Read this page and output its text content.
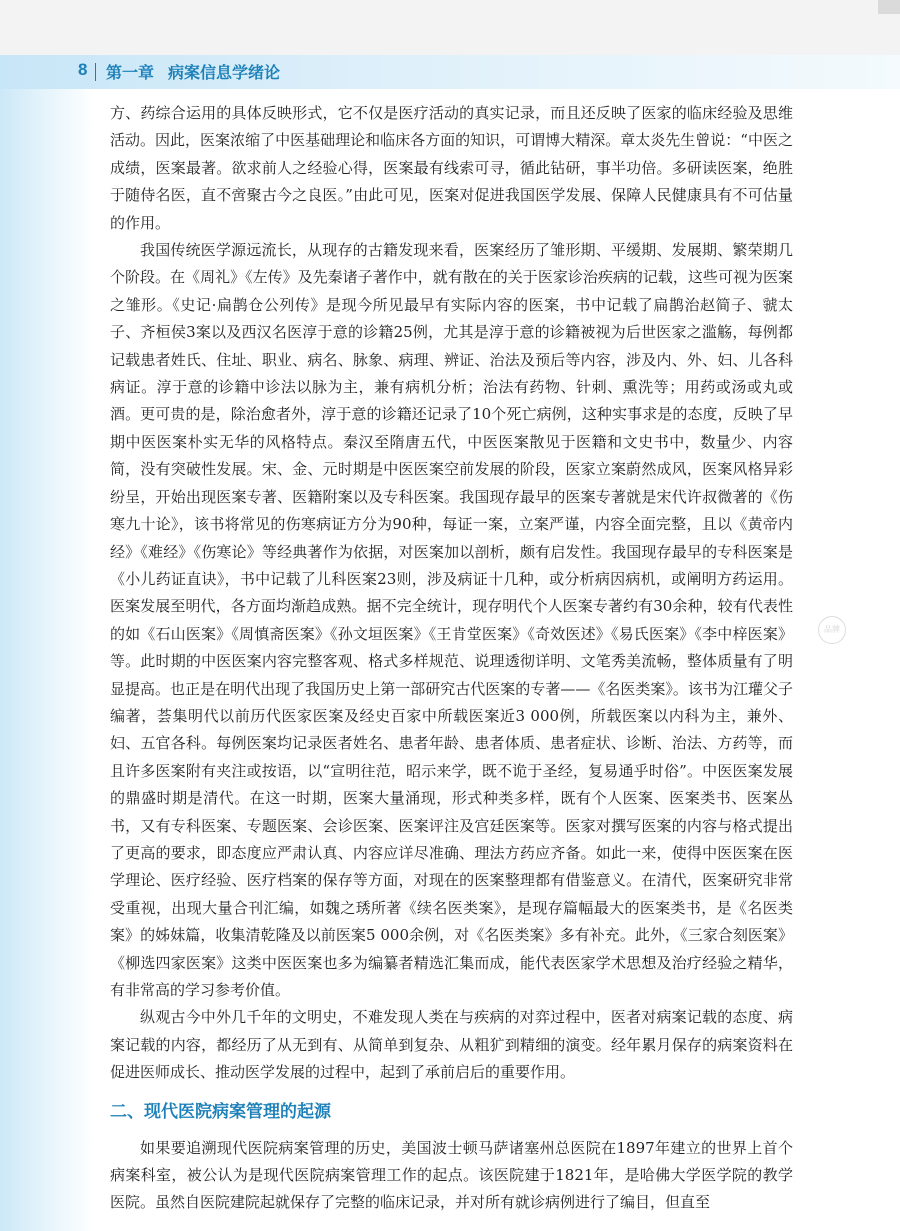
8 第一章 病案信息学绪论

方、药综合运用的具体反映形式，它不仅是医疗活动的真实记录，而且还反映了医家的临床经验及思维活动。因此，医案浓缩了中医基础理论和临床各方面的知识，可谓博大精深。章太炎先生曾说：“中医之成绩，医案最著。欲求前人之经验心得，医案最有线索可寻，循此钻研，事半功倍。多研读医案，绝胜于随侍名医，直不啻聚古今之良医。”由此可见，医案对促进我国医学发展、保障人民健康具有不可估量的作用。

我国传统医学源远流长，从现存的古籍发现来看，医案经历了雏形期、平缓期、发展期、繁荣期几个阶段。在《周礼》《左传》及先秦诸子著作中，就有散在的关于医家诊治疾病的记载，这些可视为医案之雏形。《史记·扁鹊仓公列传》是现今所见最早有实际内容的医案，书中记载了扁鹊治赵简子、虢太子、齐桓侯3案以及西汉名医淳于意的诊籍25例，尤其是淳于意的诊籍被视为后世医家之滥觞，每例都记载患者姓氏、住址、职业、病名、脉象、病理、辨证、治法及预后等内容，涉及内、外、妇、儿各科病证。淳于意的诊籍中诊法以脉为主，兼有病机分析；治法有药物、针刺、熏洗等；用药或汤或丸或酒。更可贵的是，除治愈者外，淳于意的诊籍还记录了10个死亡病例，这种实事求是的态度，反映了早期中医医案朴实无华的风格特点。秦汉至隋唐五代，中医医案散见于医籍和文史书中，数量少、内容简，没有突破性发展。宋、金、元时期是中医医案空前发展的阶段，医家立案蔚然成风，医案风格异彩纷呈，开始出现医案专著、医籍附案以及专科医案。我国现存最早的医案专著就是宋代许叔微著的《伤寒九十论》，该书将常见的伤寒病证方分为90种，每证一案，立案严谨，内容全面完整，且以《黄帝内经》《难经》《伤寒论》等经典著作为依据，对医案加以剖析，颇有启发性。我国现存最早的专科医案是《小儿药证直诀》，书中记载了儿科医案23则，涉及病证十几种，或分析病因病机，或阐明方药运用。医案发展至明代，各方面均渐趋成熟。据不完全统计，现存明代个人医案专著约有30余种，较有代表性的如《石山医案》《周慎斋医案》《孙文垣医案》《王肯堂医案》《奇效医述》《易氏医案》《李中梓医案》等。此时期的中医医案内容完整客观、格式多样规范、说理透彻详明、文笔秀美流畅，整体质量有了明显提高。也正是在明代出现了我国历史上第一部研究古代医案的专著——《名医类案》。该书为江瓘父子编著，荟集明代以前历代医家医案及经史百家中所载医案近3 000例，所载医案以内科为主，兼外、妇、五官各科。每例医案均记录医者姓名、患者年龄、患者体质、患者症状、诊断、治法、方药等，而且许多医案附有夹注或按语，以“宣明往范，昭示来学，既不诡于圣经，复易通乎时俗”。中医医案发展的鼎盛时期是清代。在这一时期，医案大量涌现，形式种类多样，既有个人医案、医案类书、医案丛书，又有专科医案、专题医案、会诊医案、医案评注及宫廷医案等。医家对撰写医案的内容与格式提出了更高的要求，即态度应严肃认真、内容应详尽准确、理法方药应齐备。如此一来，使得中医医案在医学理论、医疗经验、医疗档案的保存等方面，对现在的医案整理都有借鉴意义。在清代，医案研究非常受重视，出现大量合刊汇编，如魏之琇所著《续名医类案》，是现存篇幅最大的医案类书，是《名医类案》的姊妹篇，收集清乾隆及以前医案5 000余例，对《名医类案》多有补充。此外，《三家合刻医案》《柳选四家医案》这类中医医案也多为编纂者精选汇集而成，能代表医家学术思想及治疗经验之精华，有非常高的学习参考价值。

纵观古今中外几千年的文明史，不难发现人类在与疾病的对弈过程中，医者对病案记载的态度、病案记载的内容，都经历了从无到有、从简单到复杂、从粗犷到精细的演变。经年累月保存的病案资料在促进医师成长、推动医学发展的过程中，起到了承前启后的重要作用。

二、现代医院病案管理的起源

如果要追溯现代医院病案管理的历史，美国波士顿马萨诸塞州总医院在1897年建立的世界上首个病案科室，被公认为是现代医院病案管理工作的起点。该医院建于1821年，是哈佛大学医学院的教学医院。虽然自医院建院起就保存了完整的临床记录，并对所有就诊病例进行了编目，但直至

品牌
